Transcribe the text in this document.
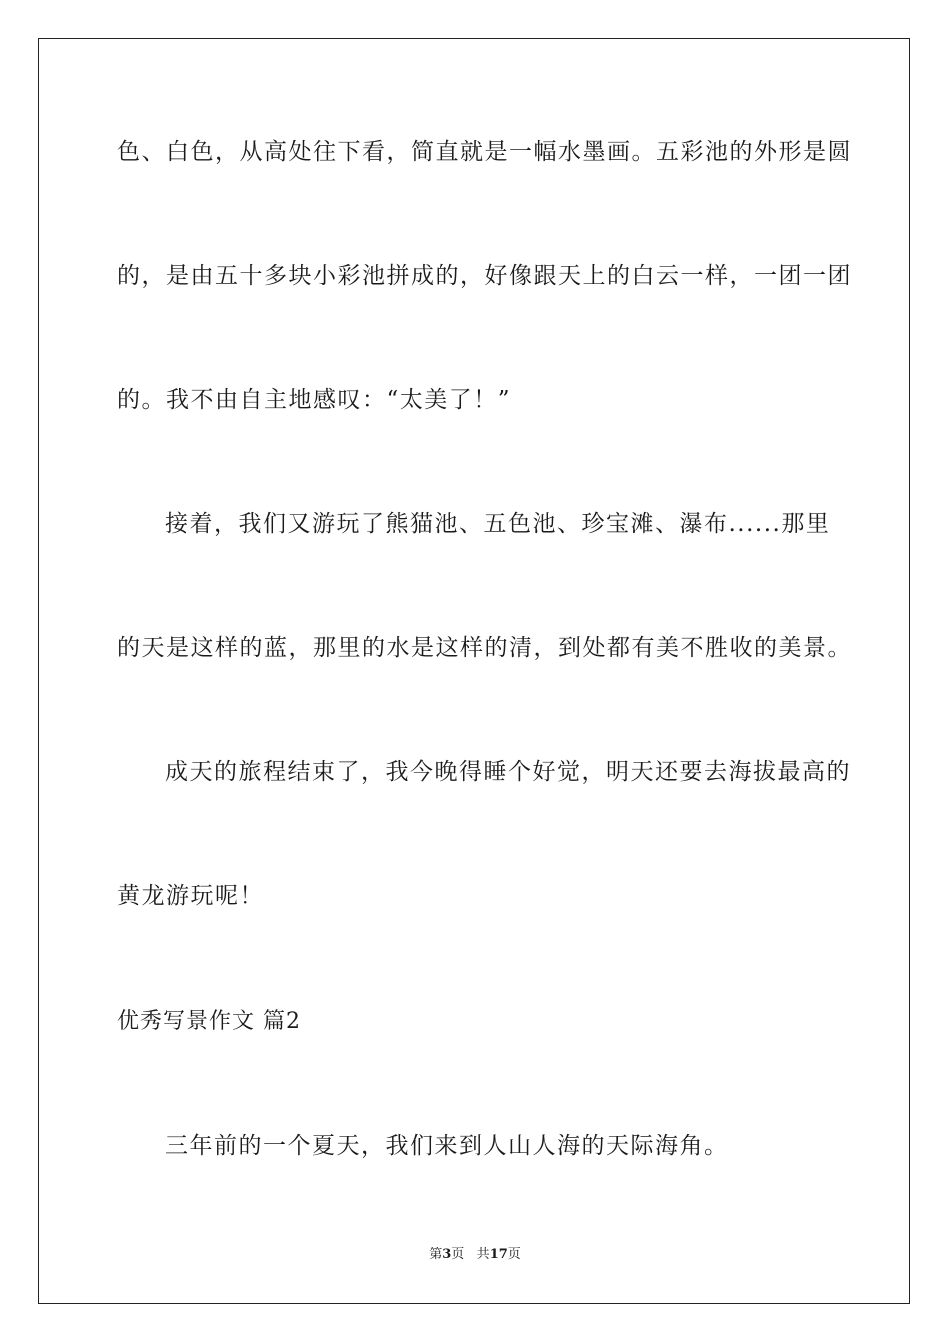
色、白色，从高处往下看，简直就是一幅水墨画。五彩池的外形是圆
的，是由五十多块小彩池拼成的，好像跟天上的白云一样，一团一团
的。我不由自主地感叹：“太美了！”
接着，我们又游玩了熊猫池、五色池、珍宝滩、瀑布......那里
的天是这样的蓝，那里的水是这样的清，到处都有美不胜收的美景。
成天的旅程结束了，我今晚得睡个好觉，明天还要去海拔最高的
黄龙游玩呢！
优秀写景作文 篇2
三年前的一个夏天，我们来到人山人海的天际海角。
第3页 共17页
